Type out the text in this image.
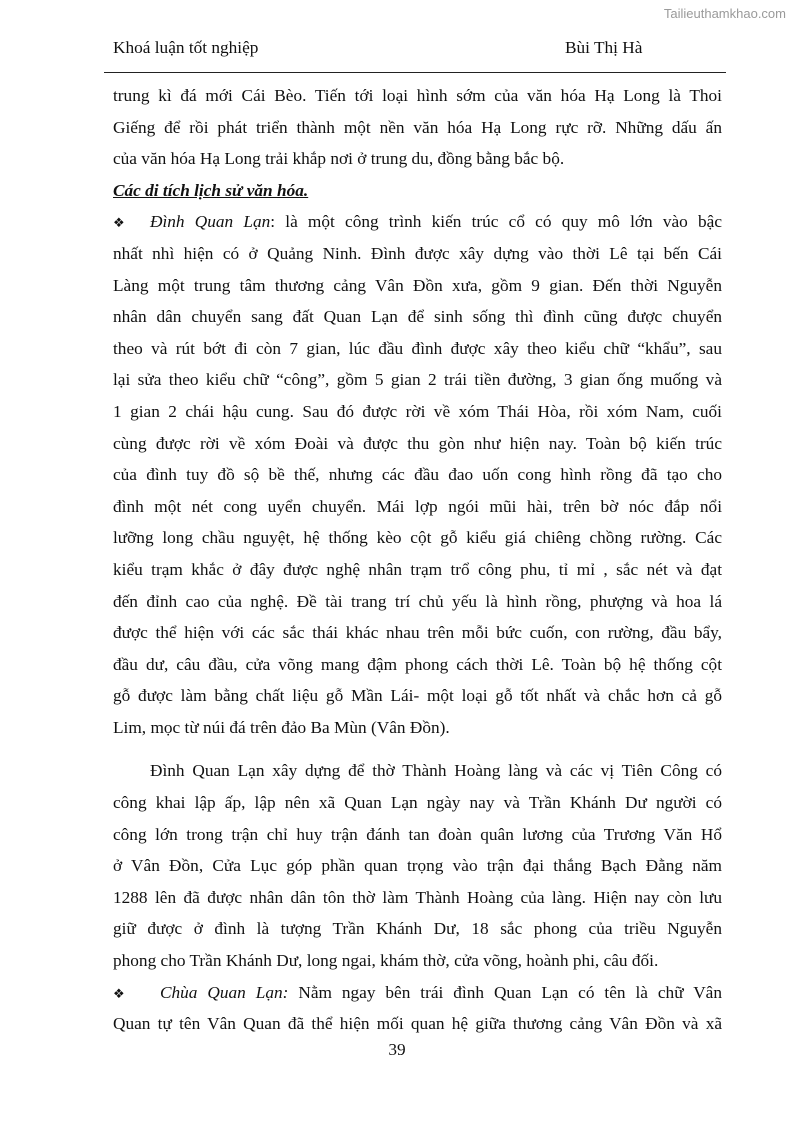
Tailieuthamkhao.com
Khoá luận tốt nghiệp	Bùi Thị Hà
trung kì đá mới Cái Bèo. Tiến tới loại hình sớm của văn hóa Hạ Long là Thoi
Giếng để rồi phát triển thành một nền văn hóa Hạ Long rực rỡ. Những dấu ấn
của văn hóa Hạ Long trải khắp nơi ở trung du, đồng bằng bắc bộ.
Các di tích lịch sử văn hóa.
❖ Đình Quan Lạn: là một công trình kiến trúc cổ có quy mô lớn vào bậc
nhất nhì hiện có ở Quảng Ninh. Đình được xây dựng vào thời Lê tại bến Cái
Làng một trung tâm thương cảng Vân Đồn xưa, gồm 9 gian. Đến thời Nguyễn
nhân dân chuyển sang đất Quan Lạn để sinh sống thì đình cũng được chuyển
theo và rút bớt đi còn 7 gian, lúc đầu đình được xây theo kiểu chữ “khẩu”, sau
lại sửa theo kiểu chữ “công”, gồm 5 gian 2 trái tiền đường, 3 gian ống muống và
1 gian 2 chái hậu cung. Sau đó được rời về xóm Thái Hòa, rồi xóm Nam, cuối
cùng được rời về xóm Đoài và được thu gòn như hiện nay. Toàn bộ kiến trúc
của đình tuy đồ sộ bề thế, nhưng các đầu đao uốn cong hình rồng đã tạo cho
đình một nét cong uyển chuyển. Mái lợp ngói mũi hài, trên bờ nóc đắp nổi
lưỡng long chầu nguyệt, hệ thống kèo cột gỗ kiểu giá chiêng chồng rường. Các
kiểu trạm khắc ở đây được nghệ nhân trạm trổ công phu, tỉ mỉ , sắc nét và đạt
đến đỉnh cao của nghệ. Đề tài trang trí chủ yếu là hình rồng, phượng và hoa lá
được thể hiện với các sắc thái khác nhau trên mỗi bức cuốn, con rường, đầu bẩy,
đầu dư, câu đầu, cửa võng mang đậm phong cách thời Lê. Toàn bộ hệ thống cột
gỗ được làm bằng chất liệu gỗ Mần Lái- một loại gỗ tốt nhất và chắc hơn cả gỗ
Lim, mọc từ núi đá trên đảo Ba Mùn (Vân Đồn).
Đình Quan Lạn xây dựng để thờ Thành Hoàng làng và các vị Tiên Công có
công khai lập ấp, lập nên xã Quan Lạn ngày nay và Trần Khánh Dư người có
công lớn trong trận chỉ huy trận đánh tan đoàn quân lương của Trương Văn Hổ
ở Vân Đồn, Cửa Lục góp phần quan trọng vào trận đại thắng Bạch Đằng năm
1288 lên đã được nhân dân tôn thờ làm Thành Hoàng của làng. Hiện nay còn lưu
giữ được ở đình là tượng Trần Khánh Dư, 18 sắc phong của triều Nguyễn
phong cho Trần Khánh Dư, long ngai, khám thờ, cửa võng, hoành phi, câu đối.
❖ Chùa Quan Lạn: Nằm ngay bên trái đình Quan Lạn có tên là chữ Vân
Quan tự tên Vân Quan đã thể hiện mối quan hệ giữa thương cảng Vân Đồn và xã
39
